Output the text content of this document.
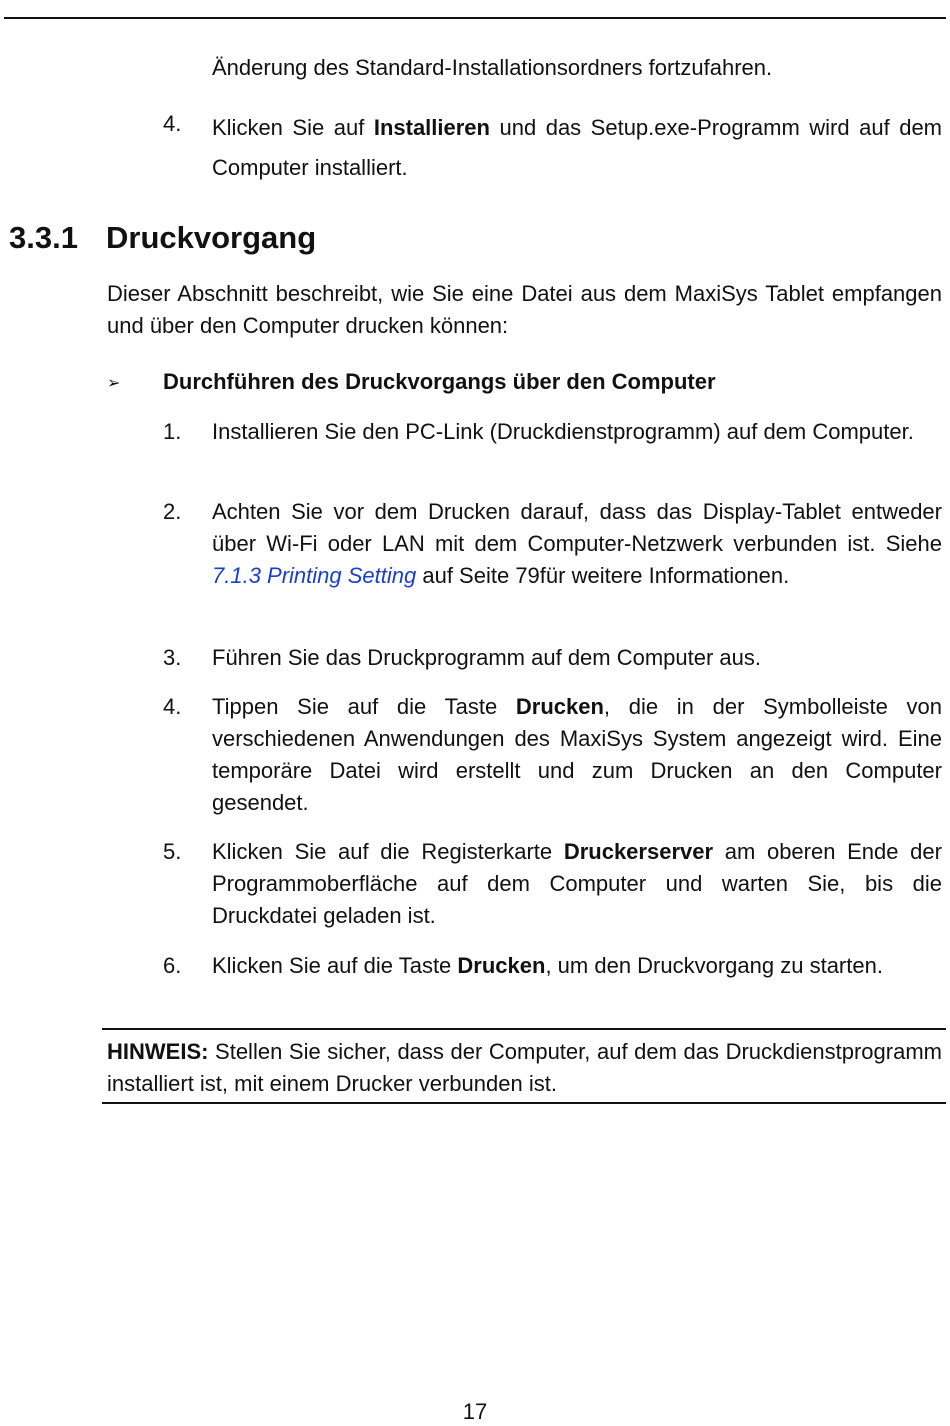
Änderung des Standard-Installationsordners fortzufahren.
4. Klicken Sie auf Installieren und das Setup.exe-Programm wird auf dem Computer installiert.
3.3.1 Druckvorgang
Dieser Abschnitt beschreibt, wie Sie eine Datei aus dem MaxiSys Tablet empfangen und über den Computer drucken können:
➢ Durchführen des Druckvorgangs über den Computer
1. Installieren Sie den PC-Link (Druckdienstprogramm) auf dem Computer.
2. Achten Sie vor dem Drucken darauf, dass das Display-Tablet entweder über Wi-Fi oder LAN mit dem Computer-Netzwerk verbunden ist. Siehe 7.1.3 Printing Setting auf Seite 79für weitere Informationen.
3. Führen Sie das Druckprogramm auf dem Computer aus.
4. Tippen Sie auf die Taste Drucken, die in der Symbolleiste von verschiedenen Anwendungen des MaxiSys System angezeigt wird. Eine temporäre Datei wird erstellt und zum Drucken an den Computer gesendet.
5. Klicken Sie auf die Registerkarte Druckerserver am oberen Ende der Programmoberfläche auf dem Computer und warten Sie, bis die Druckdatei geladen ist.
6. Klicken Sie auf die Taste Drucken, um den Druckvorgang zu starten.
HINWEIS: Stellen Sie sicher, dass der Computer, auf dem das Druckdienstprogramm installiert ist, mit einem Drucker verbunden ist.
17
